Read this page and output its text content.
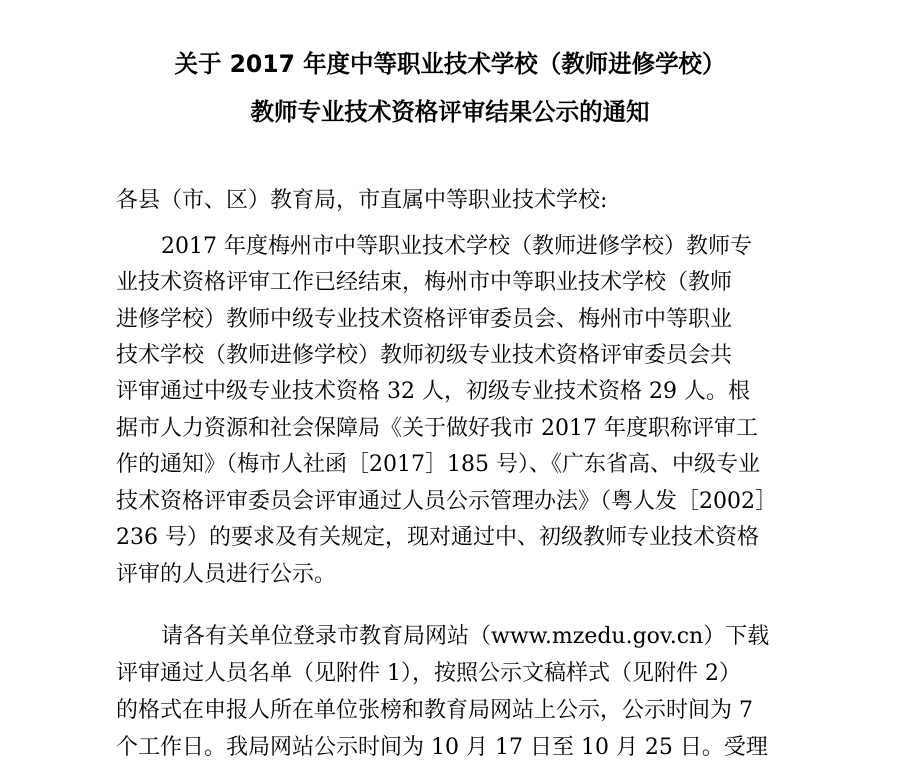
关于 2017 年度中等职业技术学校（教师进修学校）
教师专业技术资格评审结果公示的通知
各县（市、区）教育局，市直属中等职业技术学校:
2017 年度梅州市中等职业技术学校（教师进修学校）教师专
业技术资格评审工作已经结束，梅州市中等职业技术学校（教师
进修学校）教师中级专业技术资格评审委员会、梅州市中等职业
技术学校（教师进修学校）教师初级专业技术资格评审委员会共
评审通过中级专业技术资格 32 人，初级专业技术资格 29 人。根
据市人力资源和社会保障局《关于做好我市 2017 年度职称评审工
作的通知》（梅市人社函［2017］185 号）、《广东省高、中级专业
技术资格评审委员会评审通过人员公示管理办法》（粤人发［2002］
236 号）的要求及有关规定，现对通过中、初级教师专业技术资格
评审的人员进行公示。
请各有关单位登录市教育局网站（www.mzedu.gov.cn）下载
评审通过人员名单（见附件 1），按照公示文稿样式（见附件 2）
的格式在申报人所在单位张榜和教育局网站上公示，公示时间为 7
个工作日。我局网站公示时间为 10 月 17 日至 10 月 25 日。受理
